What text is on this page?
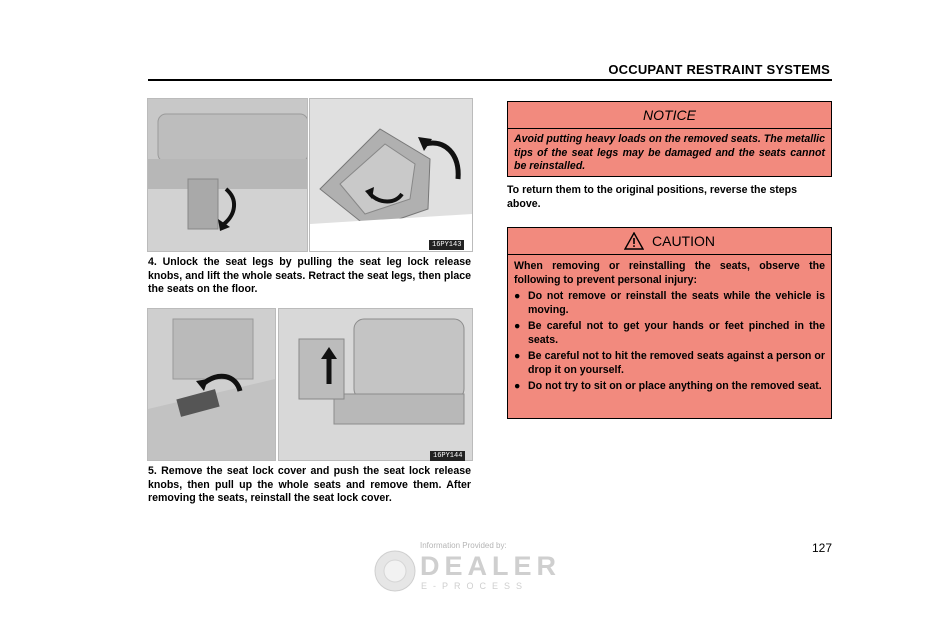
OCCUPANT RESTRAINT SYSTEMS
16PY143
4. Unlock the seat legs by pulling the seat leg lock release knobs, and lift the whole seats. Retract the seat legs, then place the seats on the floor.
16PY144
5. Remove the seat lock cover and push the seat lock release knobs, then pull up the whole seats and remove them. After removing the seats, reinstall the seat lock cover.
NOTICE
Avoid putting heavy loads on the removed seats. The metallic tips of the seat legs may be damaged and the seats cannot be reinstalled.
To return them to the original positions, reverse the steps above.
CAUTION
When removing or reinstalling the seats, observe the following to prevent personal injury:
● Do not remove or reinstall the seats while the vehicle is moving.
● Be careful not to get your hands or feet pinched in the seats.
● Be careful not to hit the removed seats against a person or drop it on yourself.
● Do not try to sit on or place anything on the removed seat.
127
Information Provided by:
DEALER
E-PROCESS
